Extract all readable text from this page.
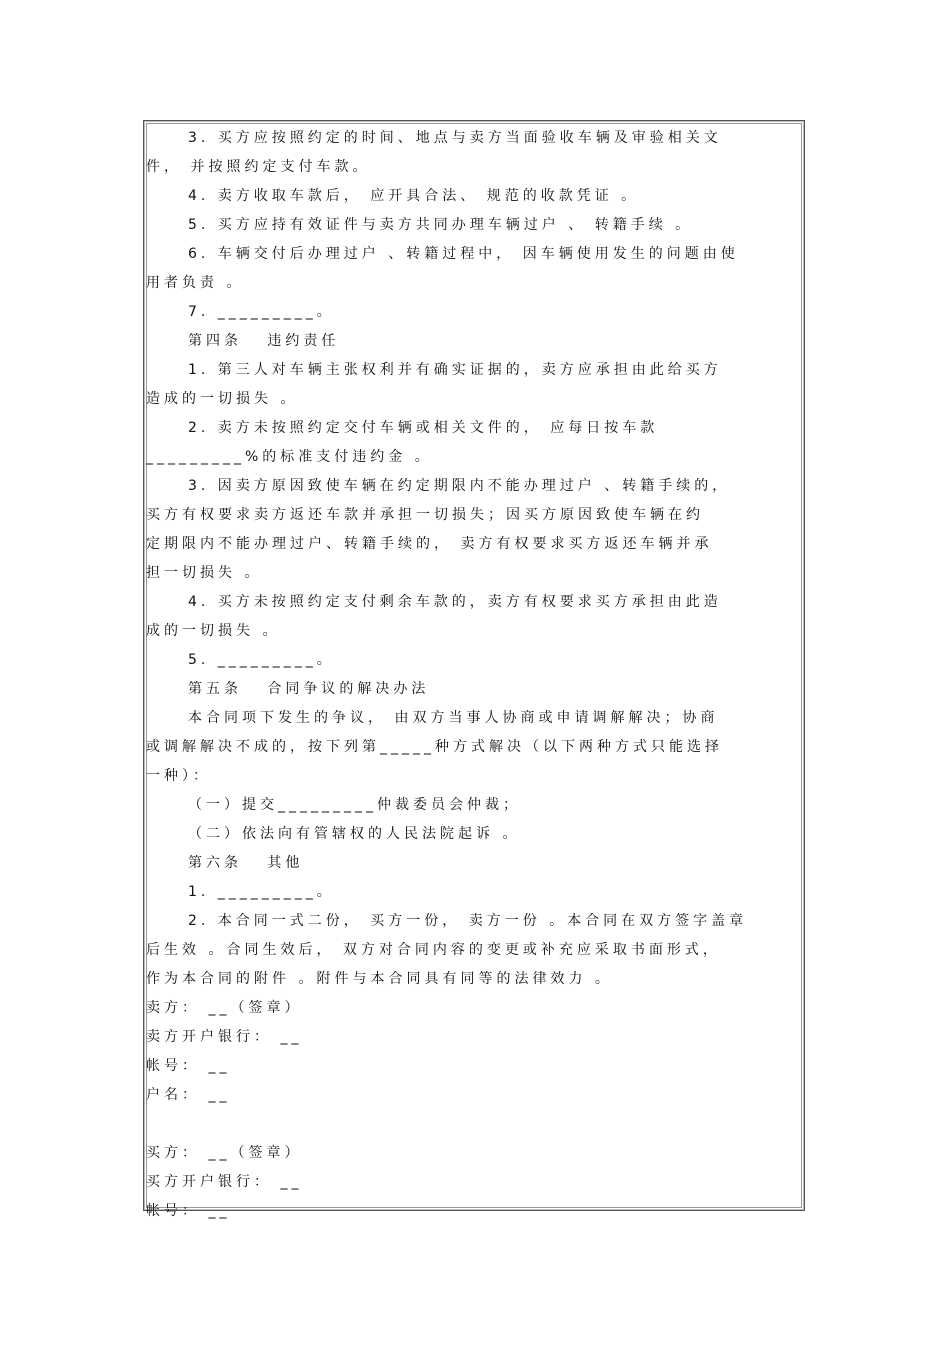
3. 买方应按照约定的时间、地点与卖方当面验收车辆及审验相关文
件， 并按照约定支付车款。
4. 卖方收取车款后， 应开具合法、 规范的收款凭证 。
5. 买方应持有效证件与卖方共同办理车辆过户 、 转籍手续 。
6. 车辆交付后办理过户 、转籍过程中， 因车辆使用发生的问题由使
用者负责 。
7. _________。
第四条   违约责任
1. 第三人对车辆主张权利并有确实证据的，卖方应承担由此给买方
造成的一切损失 。
2. 卖方未按照约定交付车辆或相关文件的， 应每日按车款
_________%的标准支付违约金 。
3. 因卖方原因致使车辆在约定期限内不能办理过户 、转籍手续的，
买方有权要求卖方返还车款并承担一切损失；因买方原因致使车辆在约
定期限内不能办理过户、转籍手续的， 卖方有权要求买方返还车辆并承
担一切损失 。
4. 买方未按照约定支付剩余车款的，卖方有权要求买方承担由此造
成的一切损失 。
5. _________。
第五条   合同争议的解决办法
本合同项下发生的争议， 由双方当事人协商或申请调解解决；协商
或调解解决不成的，按下列第_____种方式解决（以下两种方式只能选择
一种）：
（一）提交_________仲裁委员会仲裁；
（二）依法向有管辖权的人民法院起诉 。
第六条   其他
1. _________。
2. 本合同一式二份， 买方一份， 卖方一份 。本合同在双方签字盖章
后生效 。合同生效后， 双方对合同内容的变更或补充应采取书面形式，
作为本合同的附件 。附件与本合同具有同等的法律效力 。
卖方： __（签章）
卖方开户银行： __
帐号： __
户名： __
买方： __（签章）
买方开户银行： __
帐号： __
